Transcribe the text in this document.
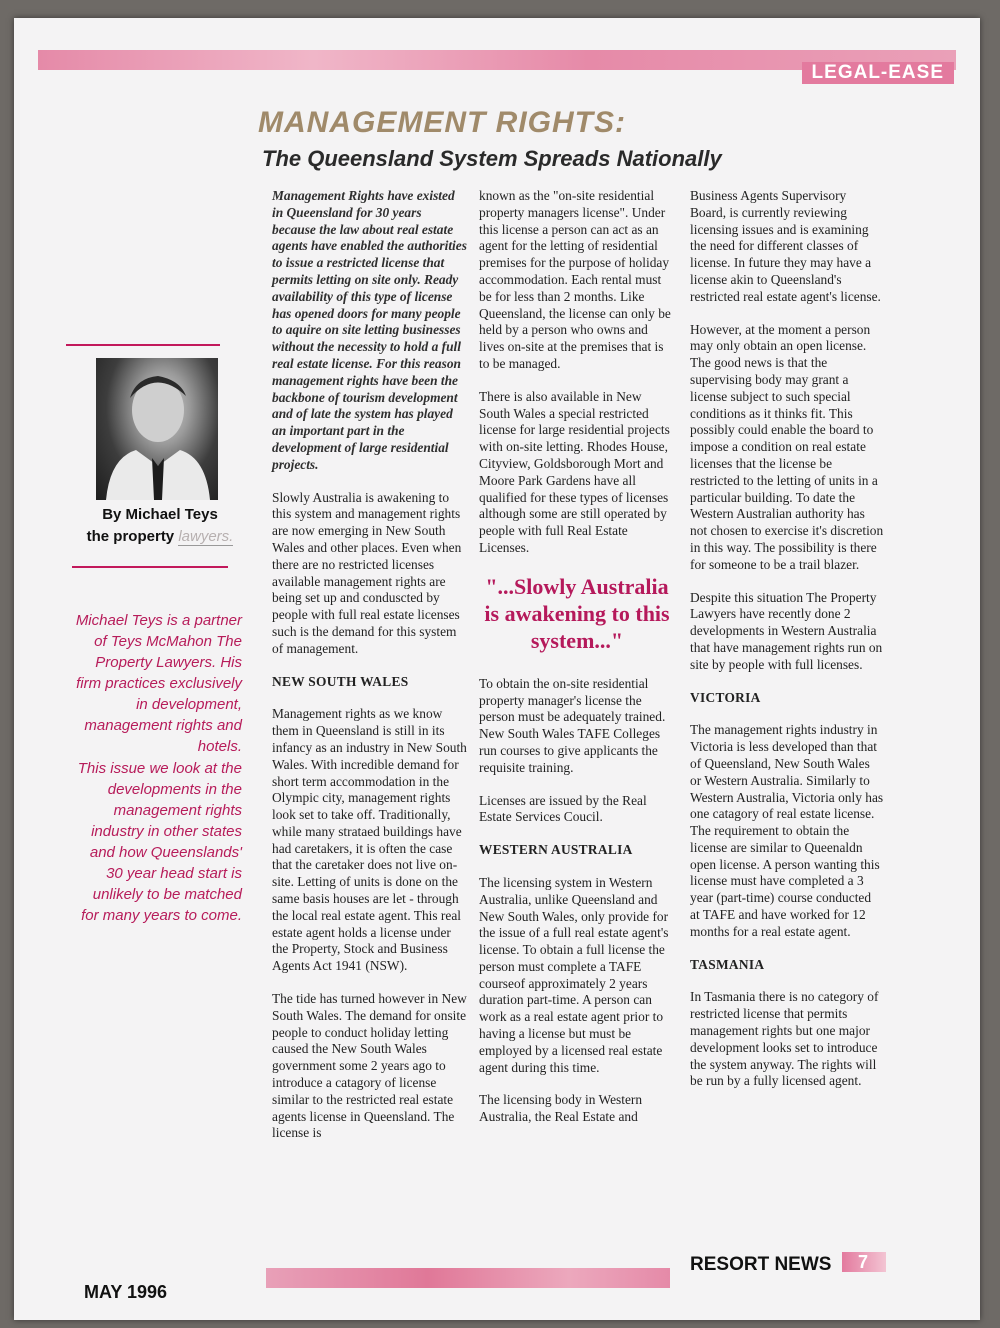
LEGAL-EASE
MANAGEMENT RIGHTS:
The Queensland System Spreads Nationally
By Michael Teys
the property lawyers.
Michael Teys is a partner of Teys McMahon The Property Lawyers. His firm practices exclusively in development, management rights and hotels.
This issue we look at the developments in the management rights industry in other states and how Queenslands' 30 year head start is unlikely to be matched for many years to come.

Management Rights have existed in Queensland for 30 years because the law about real estate agents have enabled the authorities to issue a restricted license that permits letting on site only. Ready availability of this type of license has opened doors for many people to aquire on site letting businesses without the necessity to hold a full real estate license. For this reason management rights have been the backbone of tourism development and of late the system has played an important part in the development of large residential projects.

Slowly Australia is awakening to this system and management rights are now emerging in New South Wales and other places. Even when there are no restricted licenses available management rights are being set up and conduscted by people with full real estate licenses such is the demand for this system of management.

NEW SOUTH WALES

Management rights as we know them in Queensland is still in its infancy as an industry in New South Wales. With incredible demand for short term accommodation in the Olympic city, management rights look set to take off. Traditionally, while many strataed buildings have had caretakers, it is often the case that the caretaker does not live on-site. Letting of units is done on the same basis houses are let - through the local real estate agent. This real estate agent holds a license under the Property, Stock and Business Agents Act 1941 (NSW).

The tide has turned however in New South Wales. The demand for onsite people to conduct holiday letting caused the New South Wales government some 2 years ago to introduce a catagory of license similar to the restricted real estate agents license in Queensland. The license is

known as the "on-site residential property managers license". Under this license a person can act as an agent for the letting of residential premises for the purpose of holiday accommodation. Each rental must be for less than 2 months. Like Queensland, the license can only be held by a person who owns and lives on-site at the premises that is to be managed.

There is also available in New South Wales a special restricted license for large residential projects with on-site letting. Rhodes House, Cityview, Goldsborough Mort and Moore Park Gardens have all qualified for these types of licenses although some are still operated by people with full Real Estate Licenses.

"...Slowly Australia is awakening to this system..."

To obtain the on-site residential property manager's license the person must be adequately trained. New South Wales TAFE Colleges run courses to give applicants the requisite training.

Licenses are issued by the Real Estate Services Coucil.

WESTERN AUSTRALIA

The licensing system in Western Australia, unlike Queensland and New South Wales, only provide for the issue of a full real estate agent's license. To obtain a full license the person must complete a TAFE courseof approximately 2 years duration part-time. A person can work as a real estate agent prior to having a license but must be employed by a licensed real estate agent during this time.

The licensing body in Western Australia, the Real Estate and

Business Agents Supervisory Board, is currently reviewing licensing issues and is examining the need for different classes of license. In future they may have a license akin to Queensland's restricted real estate agent's license.

However, at the moment a person may only obtain an open license. The good news is that the supervising body may grant a license subject to such special conditions as it thinks fit. This possibly could enable the board to impose a condition on real estate licenses that the license be restricted to the letting of units in a particular building. To date the Western Australian authority has not chosen to exercise it's discretion in this way. The possibility is there for someone to be a trail blazer.

Despite this situation The Property Lawyers have recently done 2 developments in Western Australia that have management rights run on site by people with full licenses.

VICTORIA

The management rights industry in Victoria is less developed than that of Queensland, New South Wales or Western Australia. Similarly to Western Australia, Victoria only has one catagory of real estate license. The requirement to obtain the license are similar to Queenaldn open license. A person wanting this license must have completed a 3 year (part-time) course conducted at TAFE and have worked for 12 months for a real estate agent.

TASMANIA

In Tasmania there is no category of restricted license that permits management rights but one major development looks set to introduce the system anyway. The rights will be run by a fully licensed agent.

MAY 1996

RESORT NEWS	7
